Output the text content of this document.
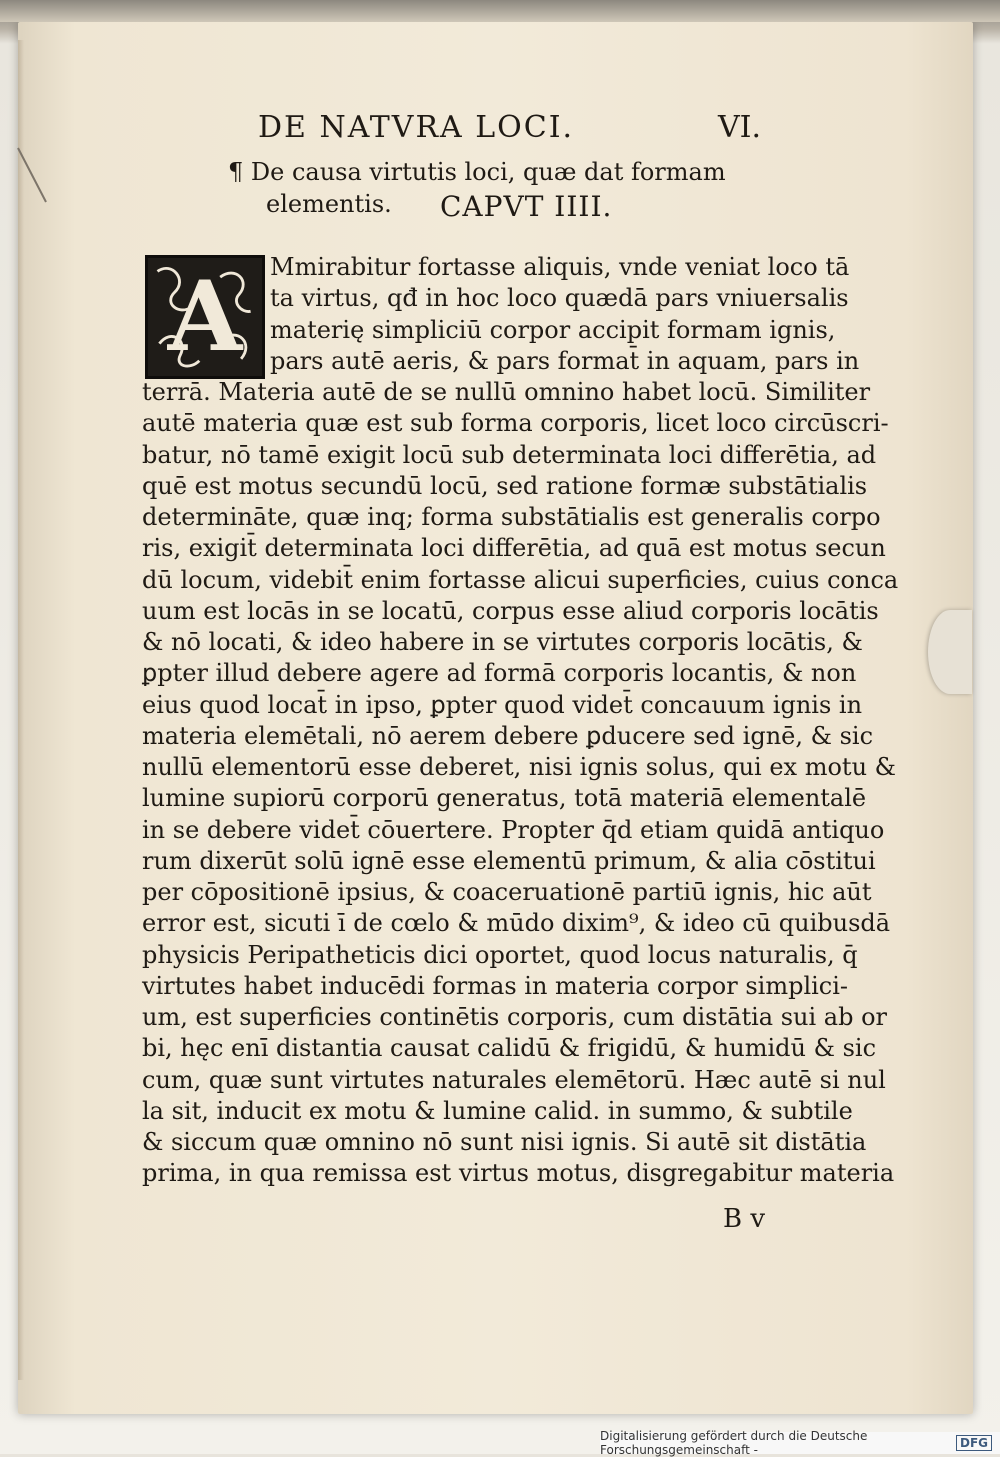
DE NATVRA LOCI.	VI.
¶ De causa virtutis loci, quæ dat formam
elementis. CAPVT IIII.
A	Mmirabitur fortasse aliquis, vnde veniat loco tā
ta virtus, qđ in hoc loco quædā pars vniuersalis
materię simpliciū corpor accipit formam ignis,
pars autē aeris, & pars format̄ in aquam, pars in
terrā. Materia autē de se nullū omnino habet locū. Similiter
autē materia quæ est sub forma corporis, licet loco circūscri-
batur, nō tamē exigit locū sub determinata loci differētia, ad
quē est motus secundū locū, sed ratione formæ substātialis
determināte, quæ inq; forma substātialis est generalis corpo
ris, exigit̄ determinata loci differētia, ad quā est motus secun
dū locum, videbit̄ enim fortasse alicui superficies, cuius conca
uum est locās in se locatū, corpus esse aliud corporis locātis
& nō locati, & ideo habere in se virtutes corporis locātis, &
ꝑpter illud debere agere ad formā corporis locantis, & non
eius quod locat̄ in ipso, ꝑpter quod videt̄ concauum ignis in
materia elemētali, nō aerem debere ꝑducere sed ignē, & sic
nullū elementorū esse deberet, nisi ignis solus, qui ex motu &
lumine supiorū corporū generatus, totā materiā elementalē
in se debere videt̄ cōuertere. Propter q̄d etiam quidā antiquo
rum dixerūt solū ignē esse elementū primum, & alia cōstitui
per cōpositionē ipsius, & coaceruationē partiū ignis, hic aūt
error est, sicuti ī de cœlo & mūdo dixim⁹, & ideo cū quibusdā
physicis Peripatheticis dici oportet, quod locus naturalis, q̄
virtutes habet inducēdi formas in materia corpor simplici-
um, est superficies continētis corporis, cum distātia sui ab or
bi, hęc enī distantia causat calidū & frigidū, & humidū & sic
cum, quæ sunt virtutes naturales elemētorū. Hæc autē si nul
la sit, inducit ex motu & lumine calid. in summo, & subtile
& siccum quæ omnino nō sunt nisi ignis. Si autē sit distātia
prima, in qua remissa est virtus motus, disgregabitur materia
B v
Digitalisierung gefördert durch die Deutsche Forschungsgemeinschaft -	DFG
